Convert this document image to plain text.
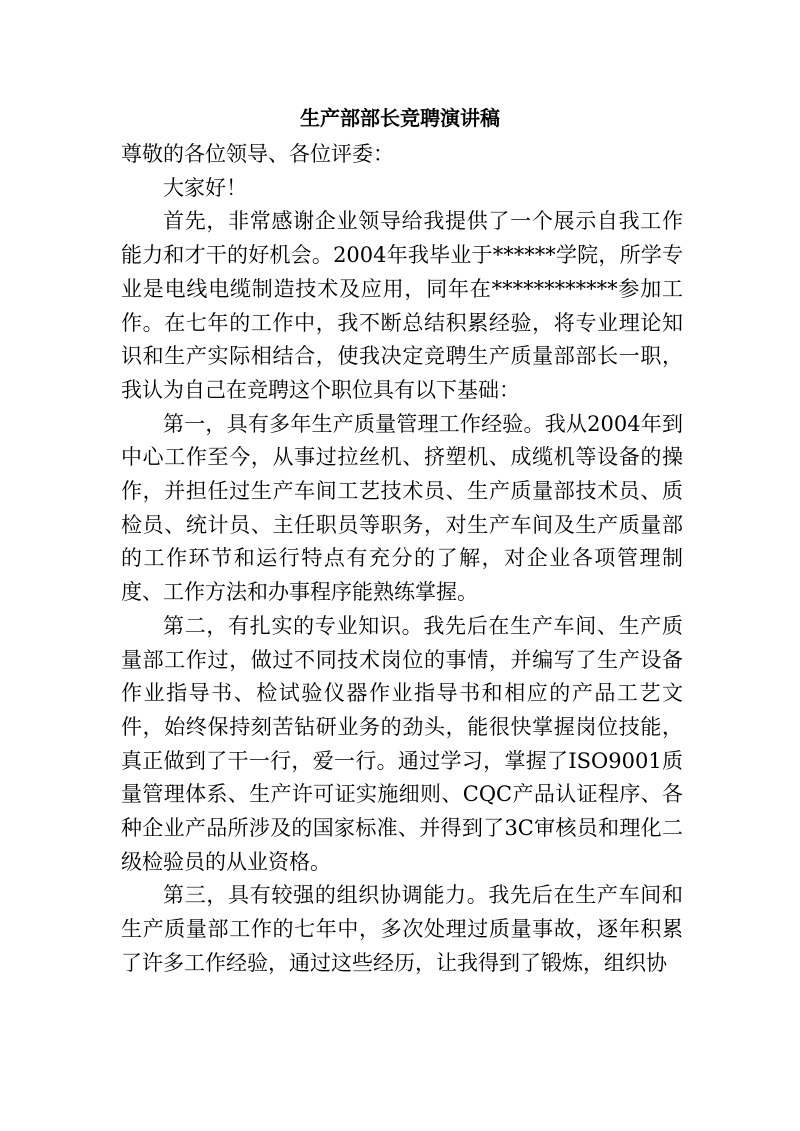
生产部部长竞聘演讲稿

尊敬的各位领导、各位评委：

大家好！

首先，非常感谢企业领导给我提供了一个展示自我工作能力和才干的好机会。2004年我毕业于******学院，所学专业是电线电缆制造技术及应用，同年在************参加工作。在七年的工作中，我不断总结积累经验，将专业理论知识和生产实际相结合，使我决定竞聘生产质量部部长一职，我认为自己在竞聘这个职位具有以下基础：

第一，具有多年生产质量管理工作经验。我从2004年到中心工作至今，从事过拉丝机、挤塑机、成缆机等设备的操作，并担任过生产车间工艺技术员、生产质量部技术员、质检员、统计员、主任职员等职务，对生产车间及生产质量部的工作环节和运行特点有充分的了解，对企业各项管理制度、工作方法和办事程序能熟练掌握。

第二，有扎实的专业知识。我先后在生产车间、生产质量部工作过，做过不同技术岗位的事情，并编写了生产设备作业指导书、检试验仪器作业指导书和相应的产品工艺文件，始终保持刻苦钻研业务的劲头，能很快掌握岗位技能，真正做到了干一行，爱一行。通过学习，掌握了ISO9001质量管理体系、生产许可证实施细则、CQC产品认证程序、各种企业产品所涉及的国家标准、并得到了3C审核员和理化二级检验员的从业资格。

第三，具有较强的组织协调能力。我先后在生产车间和生产质量部工作的七年中，多次处理过质量事故，逐年积累了许多工作经验，通过这些经历，让我得到了锻炼，组织协
